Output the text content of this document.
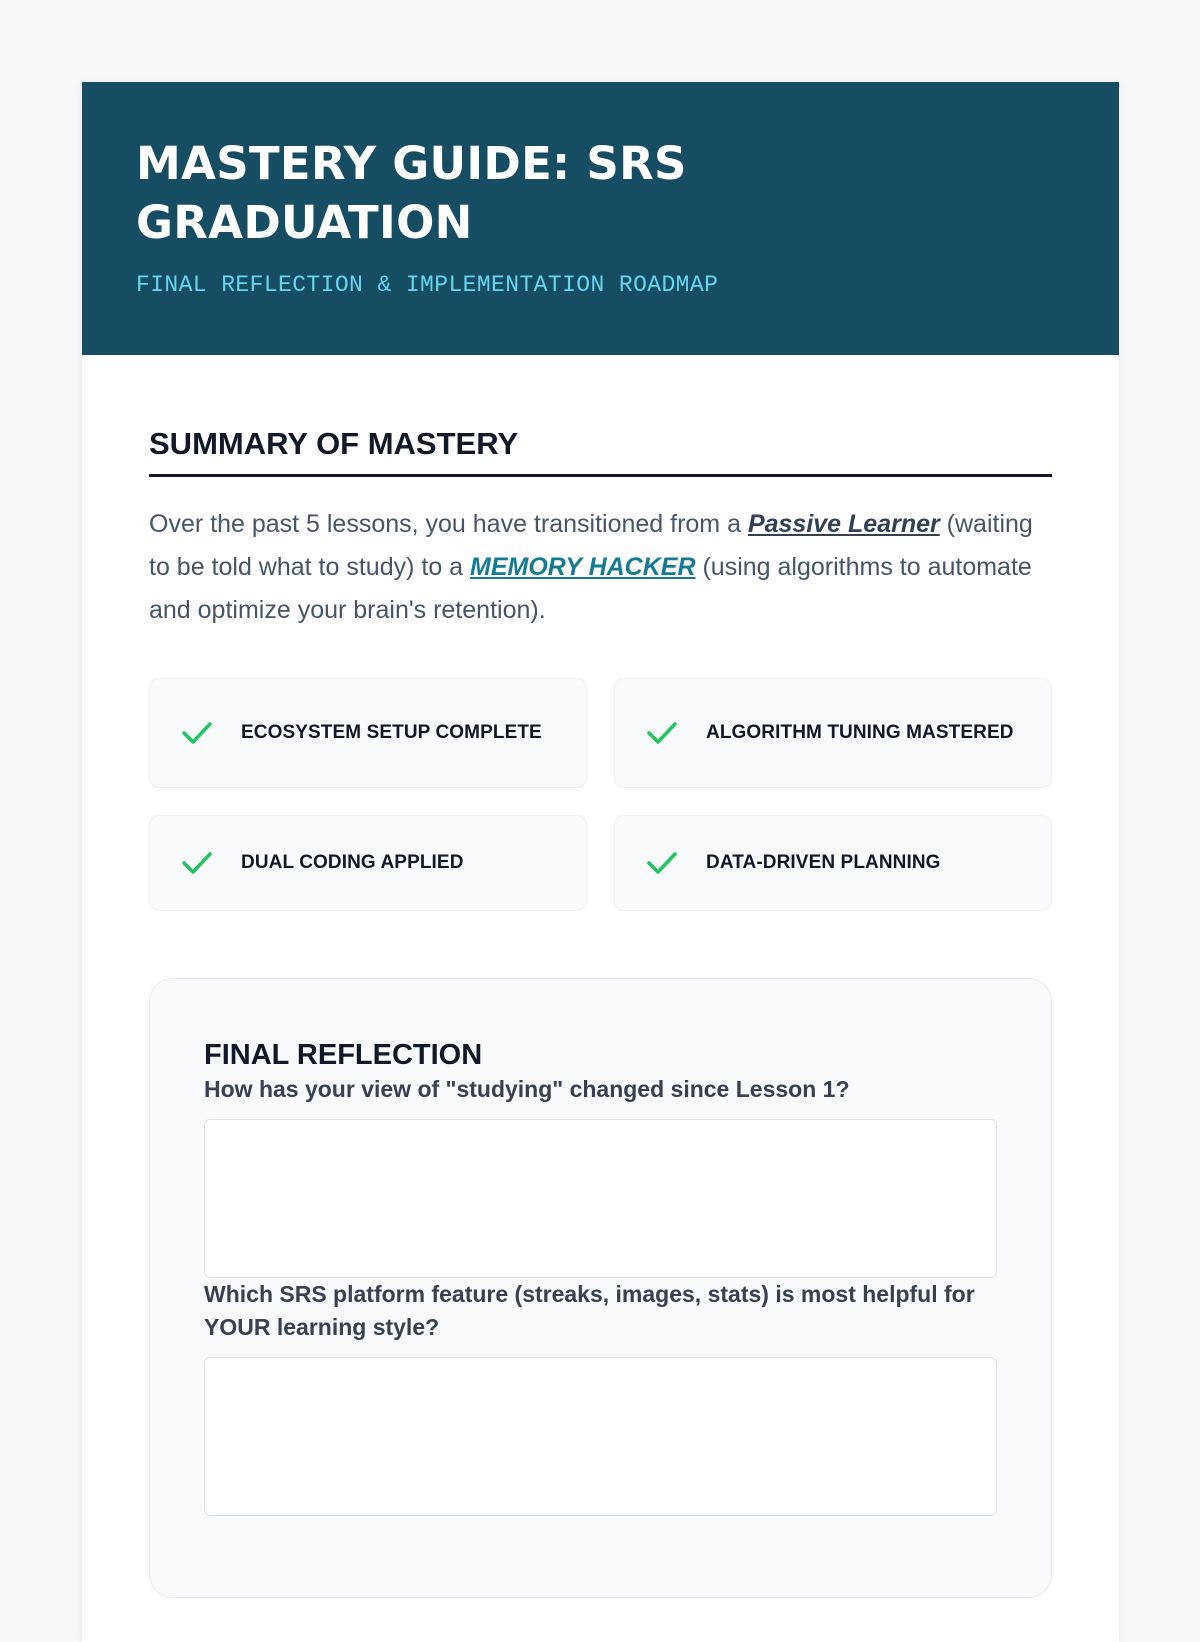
MASTERY GUIDE: SRS GRADUATION
FINAL REFLECTION & IMPLEMENTATION ROADMAP
SUMMARY OF MASTERY

Over the past 5 lessons, you have transitioned from a Passive Learner (waiting to be told what to study) to a MEMORY HACKER (using algorithms to automate and optimize your brain's retention).

ECOSYSTEM SETUP COMPLETE	ALGORITHM TUNING MASTERED
DUAL CODING APPLIED	DATA-DRIVEN PLANNING
FINAL REFLECTION
How has your view of "studying" changed since Lesson 1?
Which SRS platform feature (streaks, images, stats) is most helpful for YOUR learning style?
